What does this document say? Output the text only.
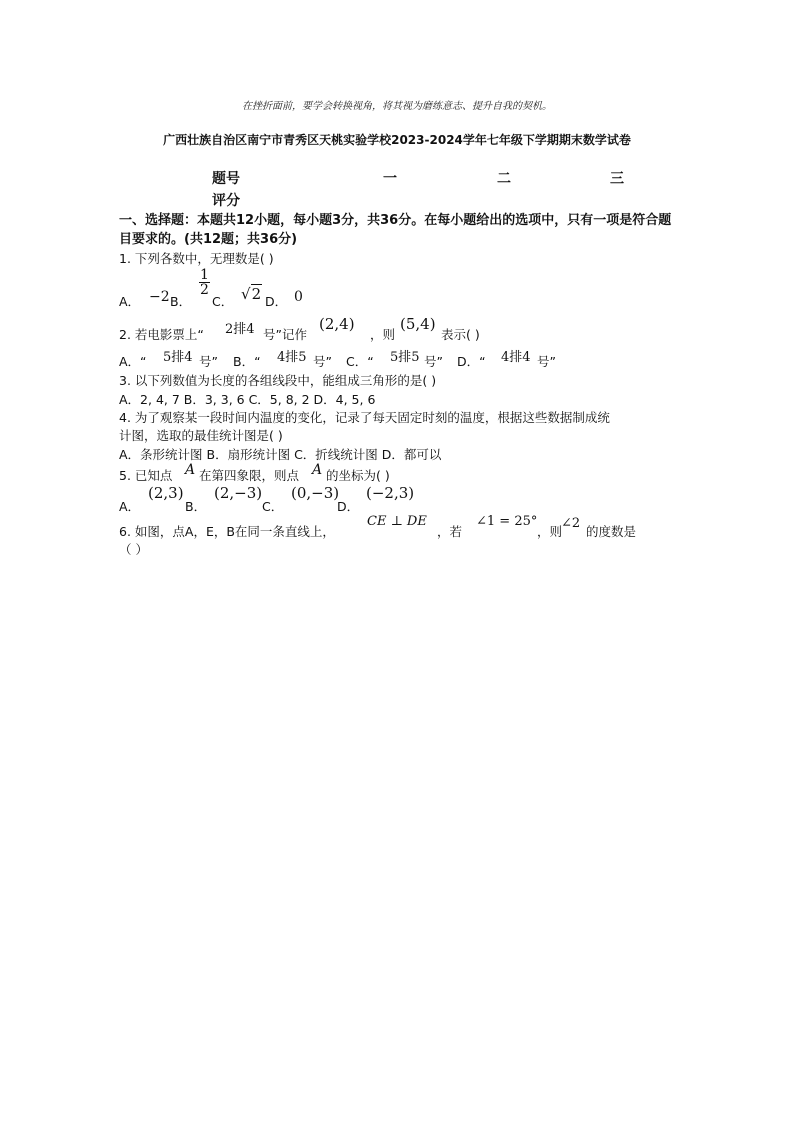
在挫折面前，要学会转换视角，将其视为磨练意志、提升自我的契机。
广西壮族自治区南宁市青秀区天桃实验学校2023-2024学年七年级下学期期末数学试卷
题号	一	二	三
评分
一、选择题：本题共12小题，每小题3分，共36分。在每小题给出的选项中，只有一项是符合题目要求的。(共12题；共36分)
1. 下列各数中，无理数是( )
A． −2 B．
$\frac{1}{2}$
C． √2 D． 0
2. 若电影票上“ 2排4 号”记作
(2,4)
，则
(5,4)
表示( )
A．“ 5排4 号” B．“ 4排5 号” C．“ 5排5 号” D．“ 4排4 号”
3. 以下列数值为长度的各组线段中，能组成三角形的是( )
A．2, 4, 7 B．3, 3, 6 C．5, 8, 2 D．4, 5, 6
4. 为了观察某一段时间内温度的变化，记录了每天固定时刻的温度，根据这些数据制成统
计图，选取的最佳统计图是( )
A．条形统计图 B．扇形统计图 C．折线统计图 D．都可以
5. 已知点 A 在第四象限，则点 A 的坐标为( )
A．
(2,3)
B．
(2,−3)
C．
(0,−3)
D．
(−2,3)
6. 如图，点A，E，B在同一条直线上，
CE ⊥ DE
，若
∠1 = 25°
，则
∠2
的度数是
（ ）
